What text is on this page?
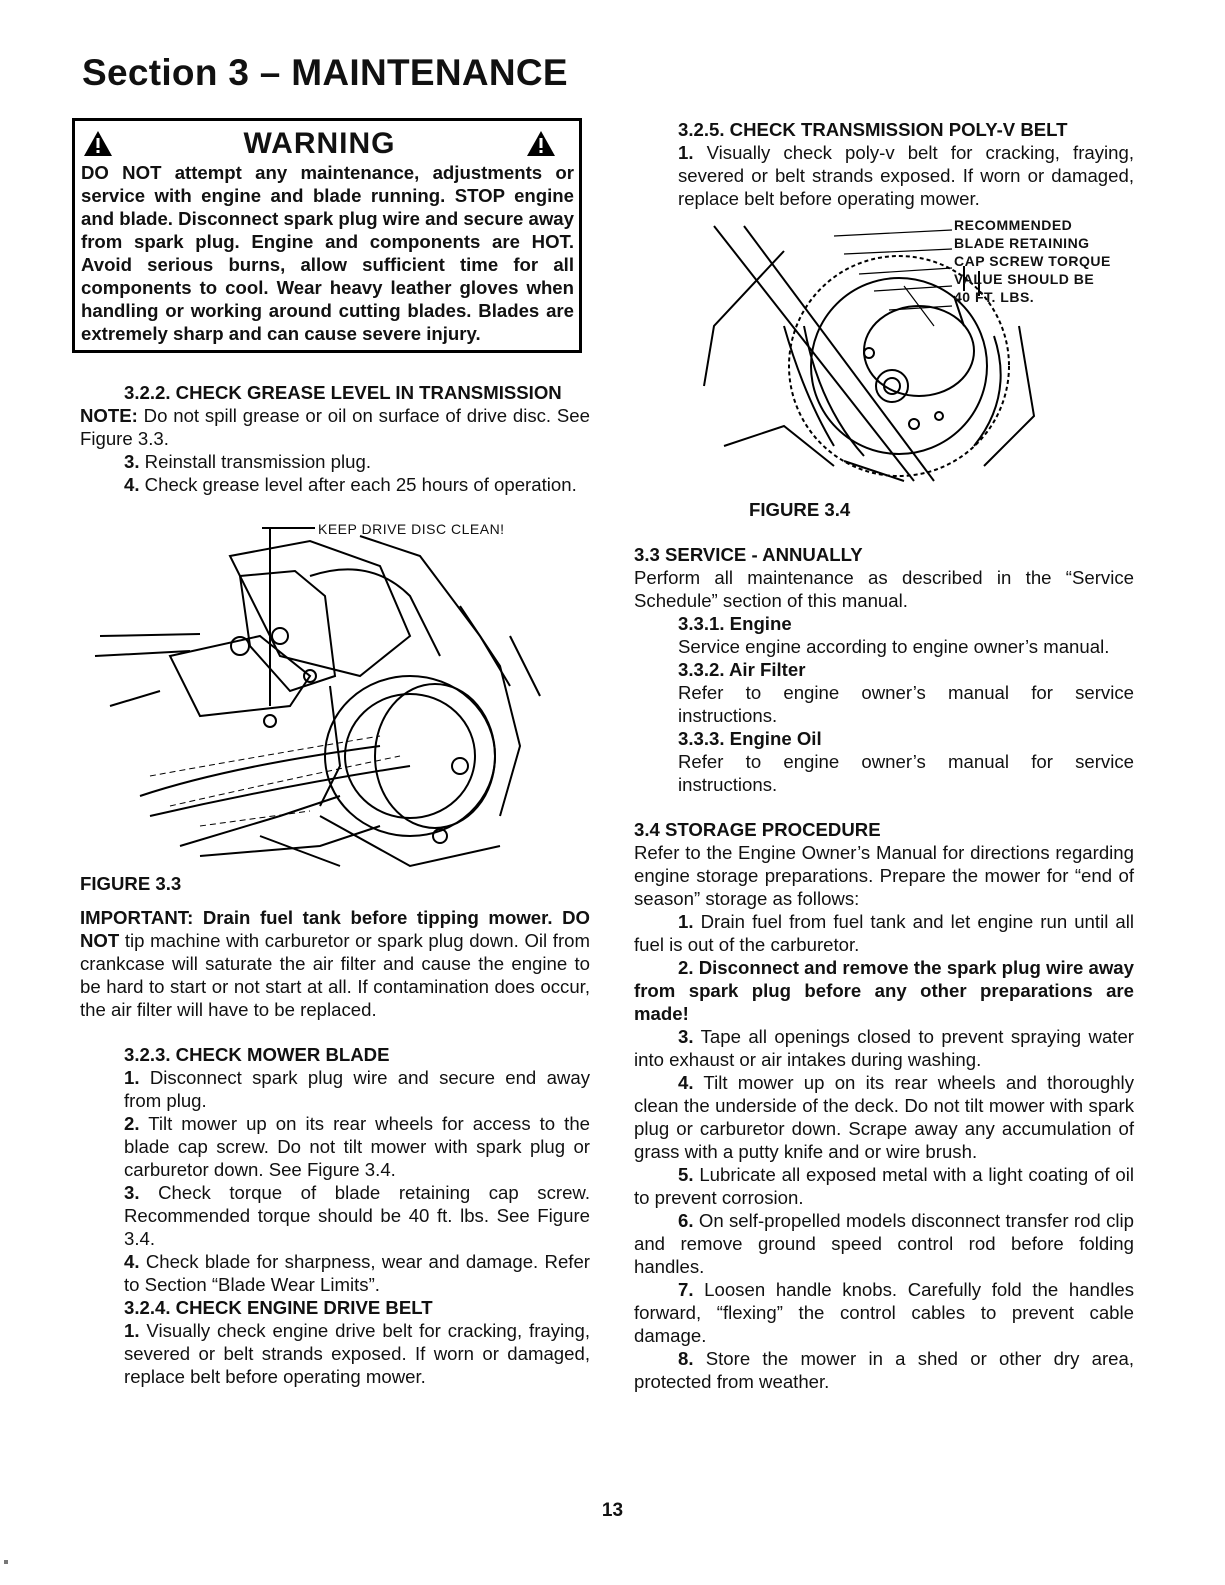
Section 3 – MAINTENANCE
WARNING
DO NOT attempt any maintenance, adjustments or service with engine and blade running. STOP engine and blade. Disconnect spark plug wire and secure away from spark plug. Engine and components are HOT. Avoid serious burns, allow sufficient time for all components to cool. Wear heavy leather gloves when handling or working around cutting blades. Blades are extremely sharp and can cause severe injury.

3.2.2. CHECK GREASE LEVEL IN TRANSMISSION

NOTE: Do not spill grease or oil on surface of drive disc. See Figure 3.3.

3. Reinstall transmission plug.

4. Check grease level after each 25 hours of operation.

KEEP DRIVE DISC CLEAN!

FIGURE 3.3

IMPORTANT: Drain fuel tank before tipping mower. DO NOT tip machine with carburetor or spark plug down. Oil from crankcase will saturate the air filter and cause the engine to be hard to start or not start at all. If contamination does occur, the air filter will have to be replaced.

3.2.3. CHECK MOWER BLADE

1. Disconnect spark plug wire and secure end away from plug.

2. Tilt mower up on its rear wheels for access to the blade cap screw. Do not tilt mower with spark plug or carburetor down. See Figure 3.4.

3. Check torque of blade retaining cap screw. Recommended torque should be 40 ft. lbs. See Figure 3.4.

4. Check blade for sharpness, wear and damage. Refer to Section “Blade Wear Limits”.

3.2.4. CHECK ENGINE DRIVE BELT

1. Visually check engine drive belt for cracking, fraying, severed or belt strands exposed. If worn or damaged, replace belt before operating mower.

3.2.5. CHECK TRANSMISSION POLY-V BELT

1. Visually check poly-v belt for cracking, fraying, severed or belt strands exposed. If worn or damaged, replace belt before operating mower.

RECOMMENDED
BLADE RETAINING
CAP SCREW TORQUE
VALUE SHOULD BE
40 FT. LBS.

FIGURE 3.4

3.3 SERVICE - ANNUALLY

Perform all maintenance as described in the “Service Schedule” section of this manual.

3.3.1. Engine

Service engine according to engine owner’s manual.

3.3.2. Air Filter

Refer to engine owner’s manual for service instructions.

3.3.3. Engine Oil

Refer to engine owner’s manual for service instructions.

3.4 STORAGE PROCEDURE

Refer to the Engine Owner’s Manual for directions regarding engine storage preparations. Prepare the mower for “end of season” storage as follows:

1. Drain fuel from fuel tank and let engine run until all fuel is out of the carburetor.

2. Disconnect and remove the spark plug wire away from spark plug before any other preparations are made!

3. Tape all openings closed to prevent spraying water into exhaust or air intakes during washing.

4. Tilt mower up on its rear wheels and thoroughly clean the underside of the deck. Do not tilt mower with spark plug or carburetor down. Scrape away any accumulation of grass with a putty knife and or wire brush.

5. Lubricate all exposed metal with a light coating of oil to prevent corrosion.

6. On self-propelled models disconnect transfer rod clip and remove ground speed control rod before folding handles.

7. Loosen handle knobs. Carefully fold the handles forward, “flexing” the control cables to prevent cable damage.

8. Store the mower in a shed or other dry area, protected from weather.

13
